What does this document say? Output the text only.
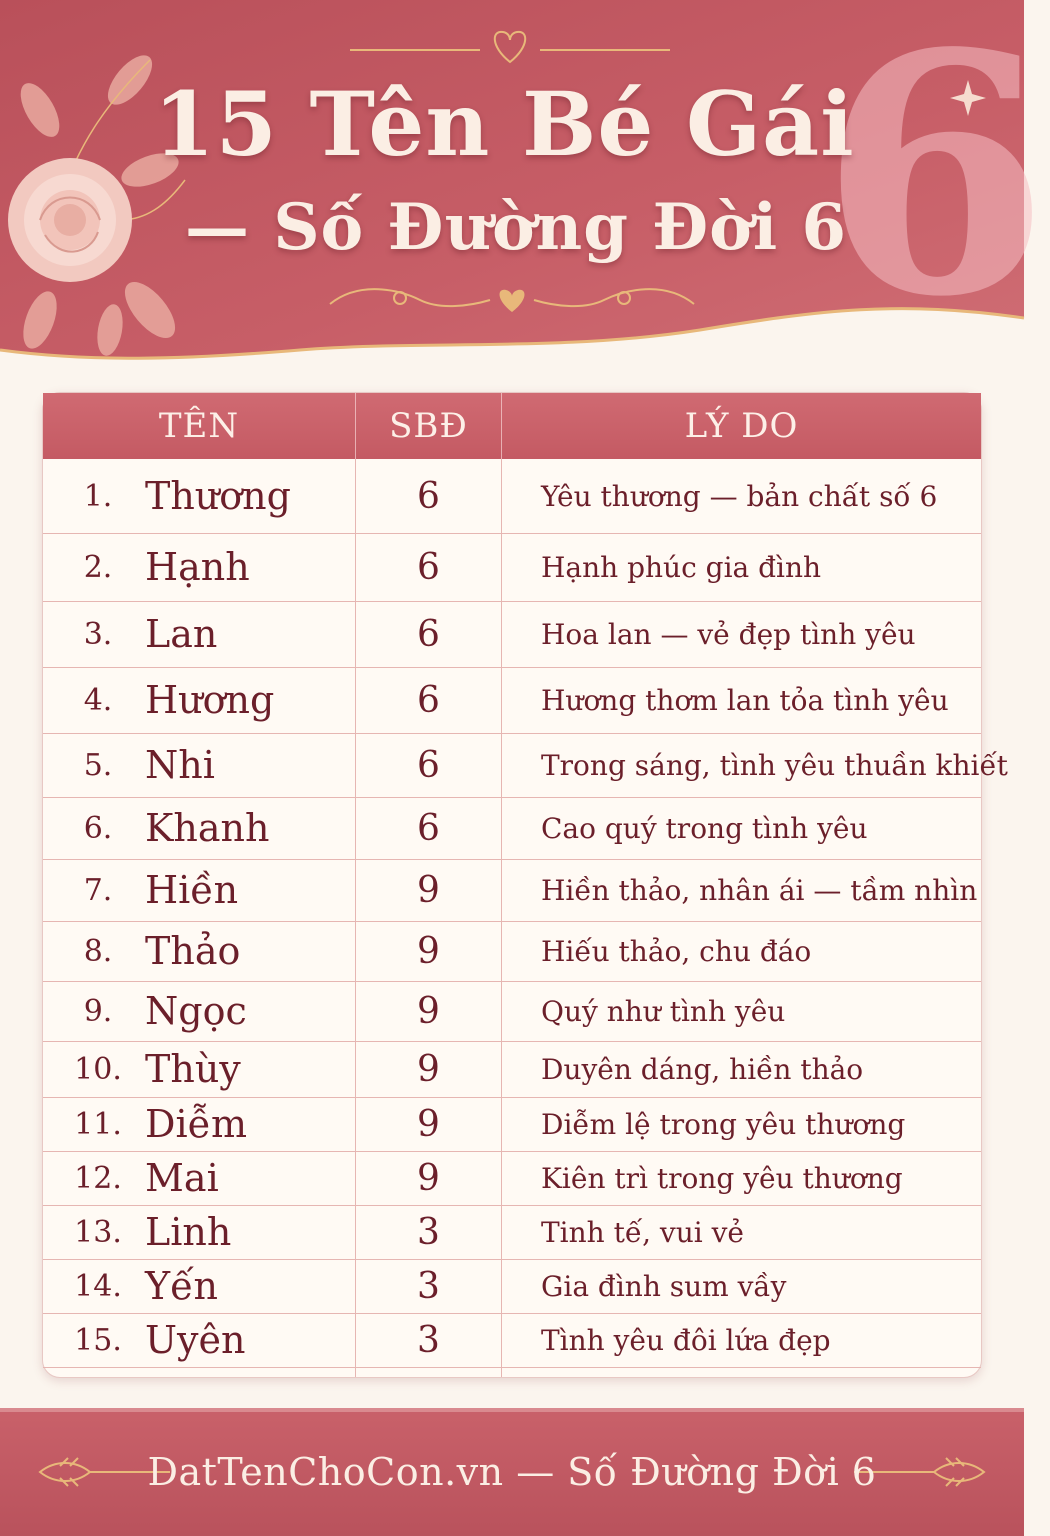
6
15 Tên Bé Gái
— Số Đường Đời 6
TÊN	SBĐ	LÝ DO
1. Thương	6	Yêu thương — bản chất số 6
2. Hạnh	6	Hạnh phúc gia đình
3. Lan	6	Hoa lan — vẻ đẹp tình yêu
4. Hương	6	Hương thơm lan tỏa tình yêu
5. Nhi	6	Trong sáng, tình yêu thuần khiết
6. Khanh	6	Cao quý trong tình yêu
7. Hiền	9	Hiền thảo, nhân ái — tầm nhìn
8. Thảo	9	Hiếu thảo, chu đáo
9. Ngọc	9	Quý như tình yêu
10. Thùy	9	Duyên dáng, hiền thảo
11. Diễm	9	Diễm lệ trong yêu thương
12. Mai	9	Kiên trì trong yêu thương
13. Linh	3	Tinh tế, vui vẻ
14. Yến	3	Gia đình sum vầy
15. Uyên	3	Tình yêu đôi lứa đẹp
DatTenChoCon.vn — Số Đường Đời 6
